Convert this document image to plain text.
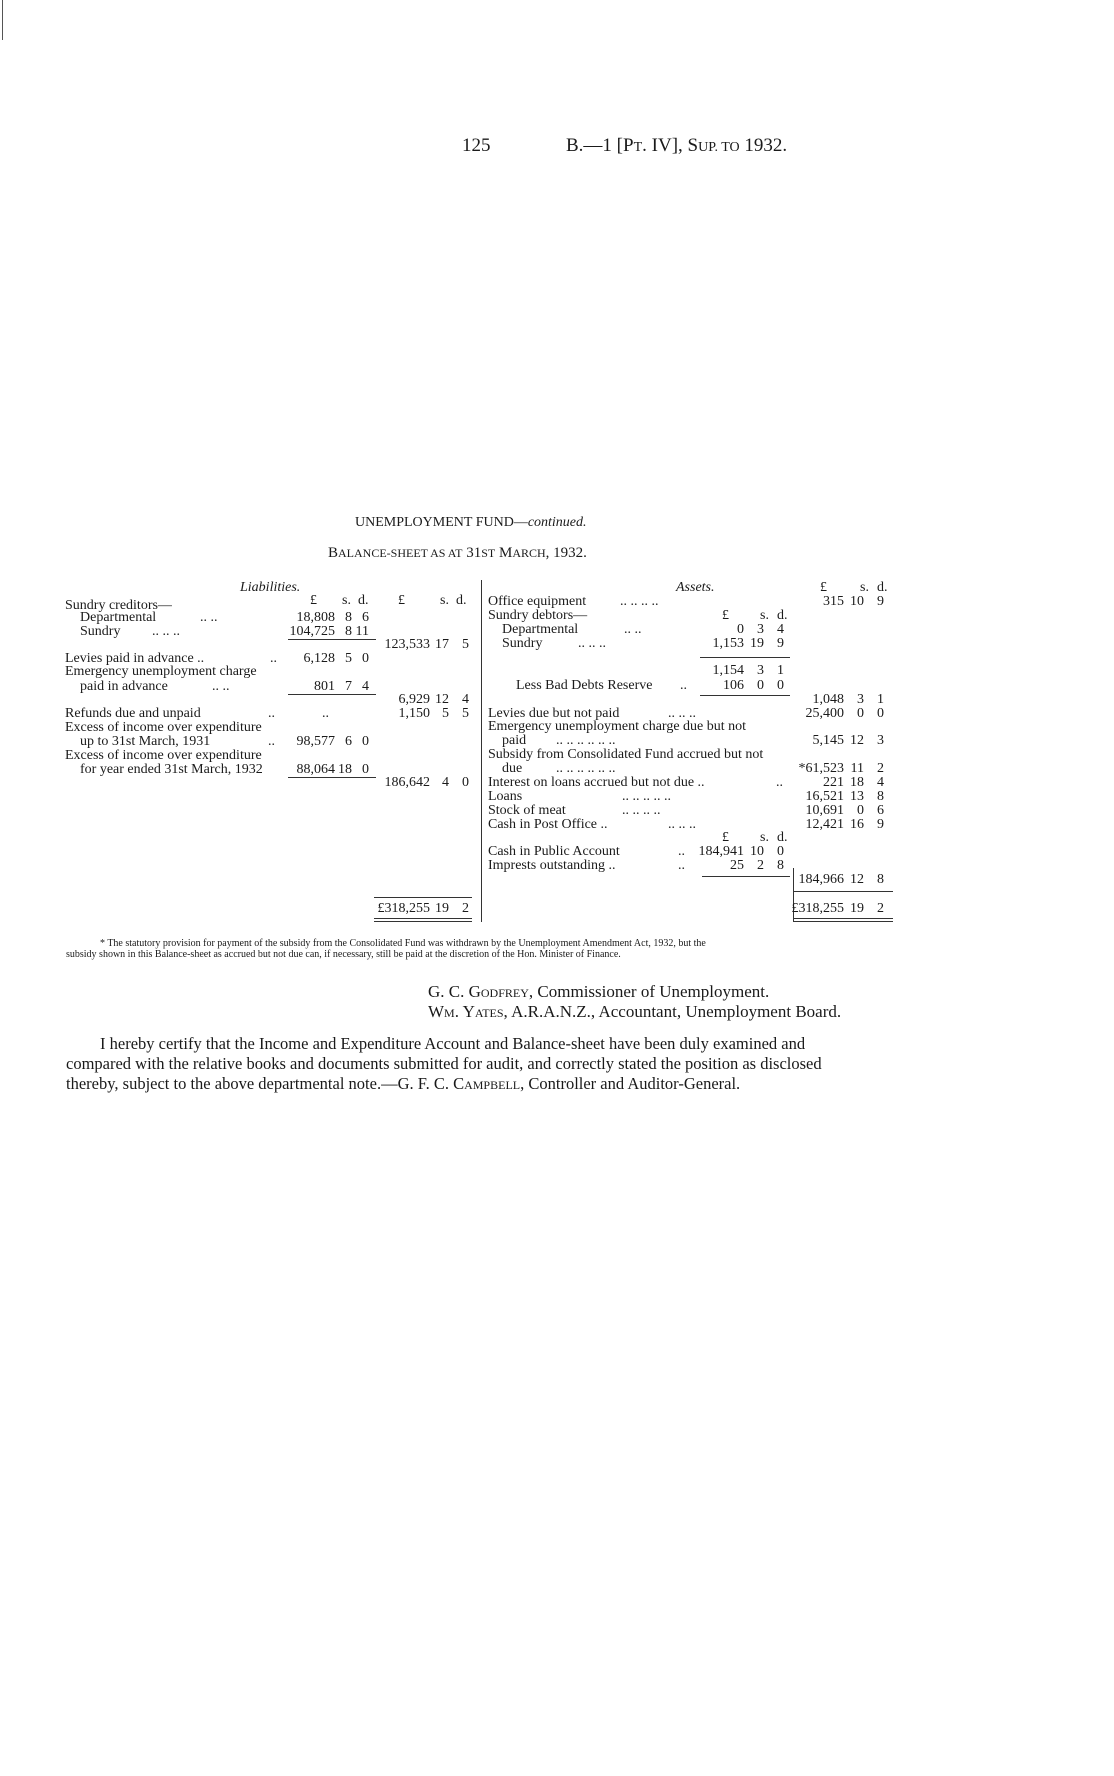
125	B.—1 [PT. IV], SUP. TO 1932.
UNEMPLOYMENT FUND—continued.
BALANCE-SHEET AS AT 31ST MARCH, 1932.
Liabilities.
£ s. d. £	s. d.
Sundry creditors—
Departmental	.. ..	18,808 8 6
Sundry .. .. ..	104,725 8 11
123,533 17 5
Levies paid in advance ..	..	6,128 5 0
Emergency unemployment charge
paid in advance	.. ..	801 7 4
6,929 12 4
Refunds due and unpaid	..	..	1,150 5 5
Excess of income over expenditure
up to 31st March, 1931	..	98,577 6 0
Excess of income over expenditure
for year ended 31st March, 1932	88,064 18 0
186,642 4 0
£318,255 19 2
Assets.	£ s. d.
Office equipment .. .. .. ..	315 10 9
Sundry debtors—	£ s. d.
Departmental	.. ..	0 3 4
Sundry	.. .. ..	1,153 19 9
1,154 3 1
Less Bad Debts Reserve ..	106 0 0
1,048 3 1
Levies due but not paid	.. .. ..	25,400 0 0
Emergency unemployment charge due but not
paid .. .. .. .. .. ..	5,145 12 3
Subsidy from Consolidated Fund accrued but not
due .. .. .. .. .. ..	*61,523 11 2
Interest on loans accrued but not due ..	..	221 18 4
Loans	.. .. .. .. ..	16,521 13 8
Stock of meat	.. .. .. ..	10,691 0 6
Cash in Post Office ..	.. .. ..	12,421 16 9
£ s. d.
Cash in Public Account	.. 184,941 10 0
Imprests outstanding ..	..	25 2 8
184,966 12 8
£318,255 19 2
* The statutory provision for payment of the subsidy from the Consolidated Fund was withdrawn by the Unemployment Amendment Act, 1932, but the
subsidy shown in this Balance-sheet as accrued but not due can, if necessary, still be paid at the discretion of the Hon. Minister of Finance.
G. C. Godfrey, Commissioner of Unemployment.
Wm. Yates, A.R.A.N.Z., Accountant, Unemployment Board.
I hereby certify that the Income and Expenditure Account and Balance-sheet have been duly examined and
compared with the relative books and documents submitted for audit, and correctly stated the position as disclosed
thereby, subject to the above departmental note.—G. F. C. Campbell, Controller and Auditor-General.
